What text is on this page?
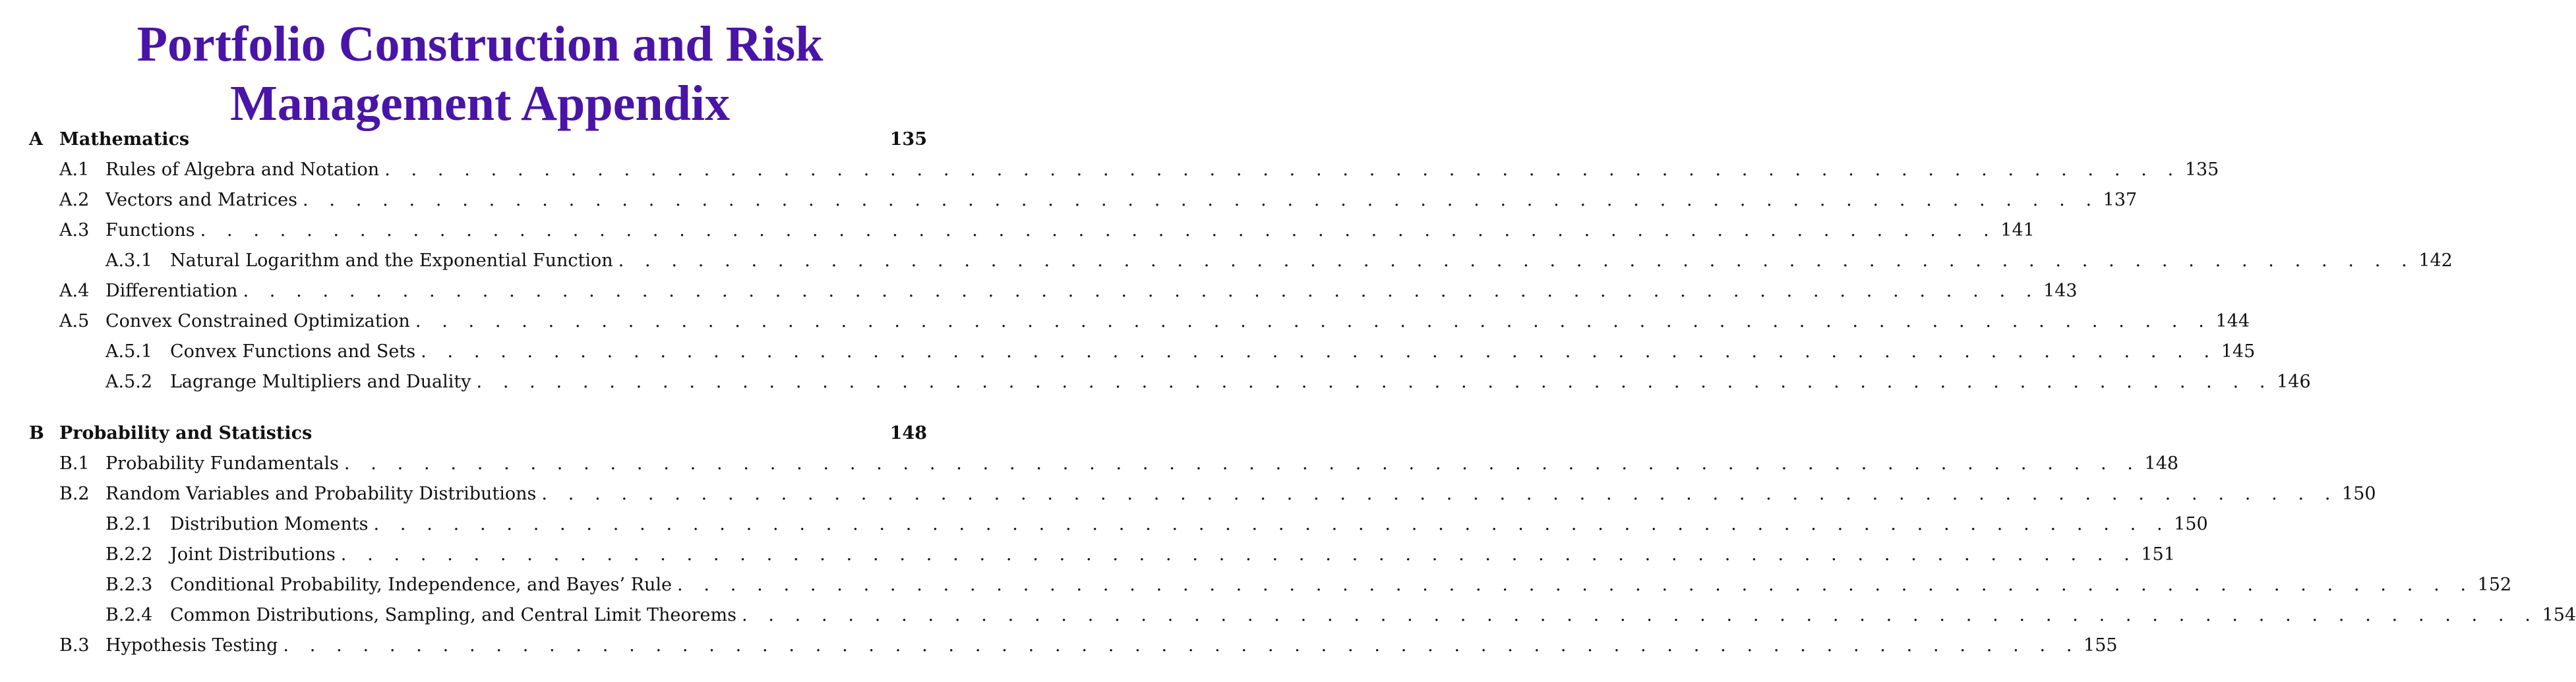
Portfolio Construction and Risk
Management Appendix
A Mathematics	135
A.1 Rules of Algebra and Notation . . . . . . . . . . . . . . . . . . . . . . . . . . . . . . . . . . . . . . . . . . . . . . . . . . . . . . . . . . . . . . . . . . . . 135
A.2 Vectors and Matrices . . . . . . . . . . . . . . . . . . . . . . . . . . . . . . . . . . . . . . . . . . . . . . . . . . . . . . . . . . . . . . . . . . . . 137
A.3 Functions . . . . . . . . . . . . . . . . . . . . . . . . . . . . . . . . . . . . . . . . . . . . . . . . . . . . . . . . . . . . . . . . . . . . 141
A.3.1 Natural Logarithm and the Exponential Function . . . . . . . . . . . . . . . . . . . . . . . . . . . . . . . . . . . . . . . . . . . . . . . . . . . . . . . . . . . . . . . . . . . . 142
A.4 Differentiation . . . . . . . . . . . . . . . . . . . . . . . . . . . . . . . . . . . . . . . . . . . . . . . . . . . . . . . . . . . . . . . . . . . . 143
A.5 Convex Constrained Optimization . . . . . . . . . . . . . . . . . . . . . . . . . . . . . . . . . . . . . . . . . . . . . . . . . . . . . . . . . . . . . . . . . . . . 144
A.5.1 Convex Functions and Sets . . . . . . . . . . . . . . . . . . . . . . . . . . . . . . . . . . . . . . . . . . . . . . . . . . . . . . . . . . . . . . . . . . . . 145
A.5.2 Lagrange Multipliers and Duality . . . . . . . . . . . . . . . . . . . . . . . . . . . . . . . . . . . . . . . . . . . . . . . . . . . . . . . . . . . . . . . . . . . . 146
B Probability and Statistics	148
B.1 Probability Fundamentals . . . . . . . . . . . . . . . . . . . . . . . . . . . . . . . . . . . . . . . . . . . . . . . . . . . . . . . . . . . . . . . . . . . . 148
B.2 Random Variables and Probability Distributions . . . . . . . . . . . . . . . . . . . . . . . . . . . . . . . . . . . . . . . . . . . . . . . . . . . . . . . . . . . . . . . . . . . . 150
B.2.1 Distribution Moments . . . . . . . . . . . . . . . . . . . . . . . . . . . . . . . . . . . . . . . . . . . . . . . . . . . . . . . . . . . . . . . . . . . . 150
B.2.2 Joint Distributions . . . . . . . . . . . . . . . . . . . . . . . . . . . . . . . . . . . . . . . . . . . . . . . . . . . . . . . . . . . . . . . . . . . . 151
B.2.3 Conditional Probability, Independence, and Bayes’ Rule . . . . . . . . . . . . . . . . . . . . . . . . . . . . . . . . . . . . . . . . . . . . . . . . . . . . . . . . . . . . . . . . . . . . 152
B.2.4 Common Distributions, Sampling, and Central Limit Theorems . . . . . . . . . . . . . . . . . . . . . . . . . . . . . . . . . . . . . . . . . . . . . . . . . . . . . . . . . . . . . . . . . . . . 154
B.3 Hypothesis Testing . . . . . . . . . . . . . . . . . . . . . . . . . . . . . . . . . . . . . . . . . . . . . . . . . . . . . . . . . . . . . . . . . . . . 155
